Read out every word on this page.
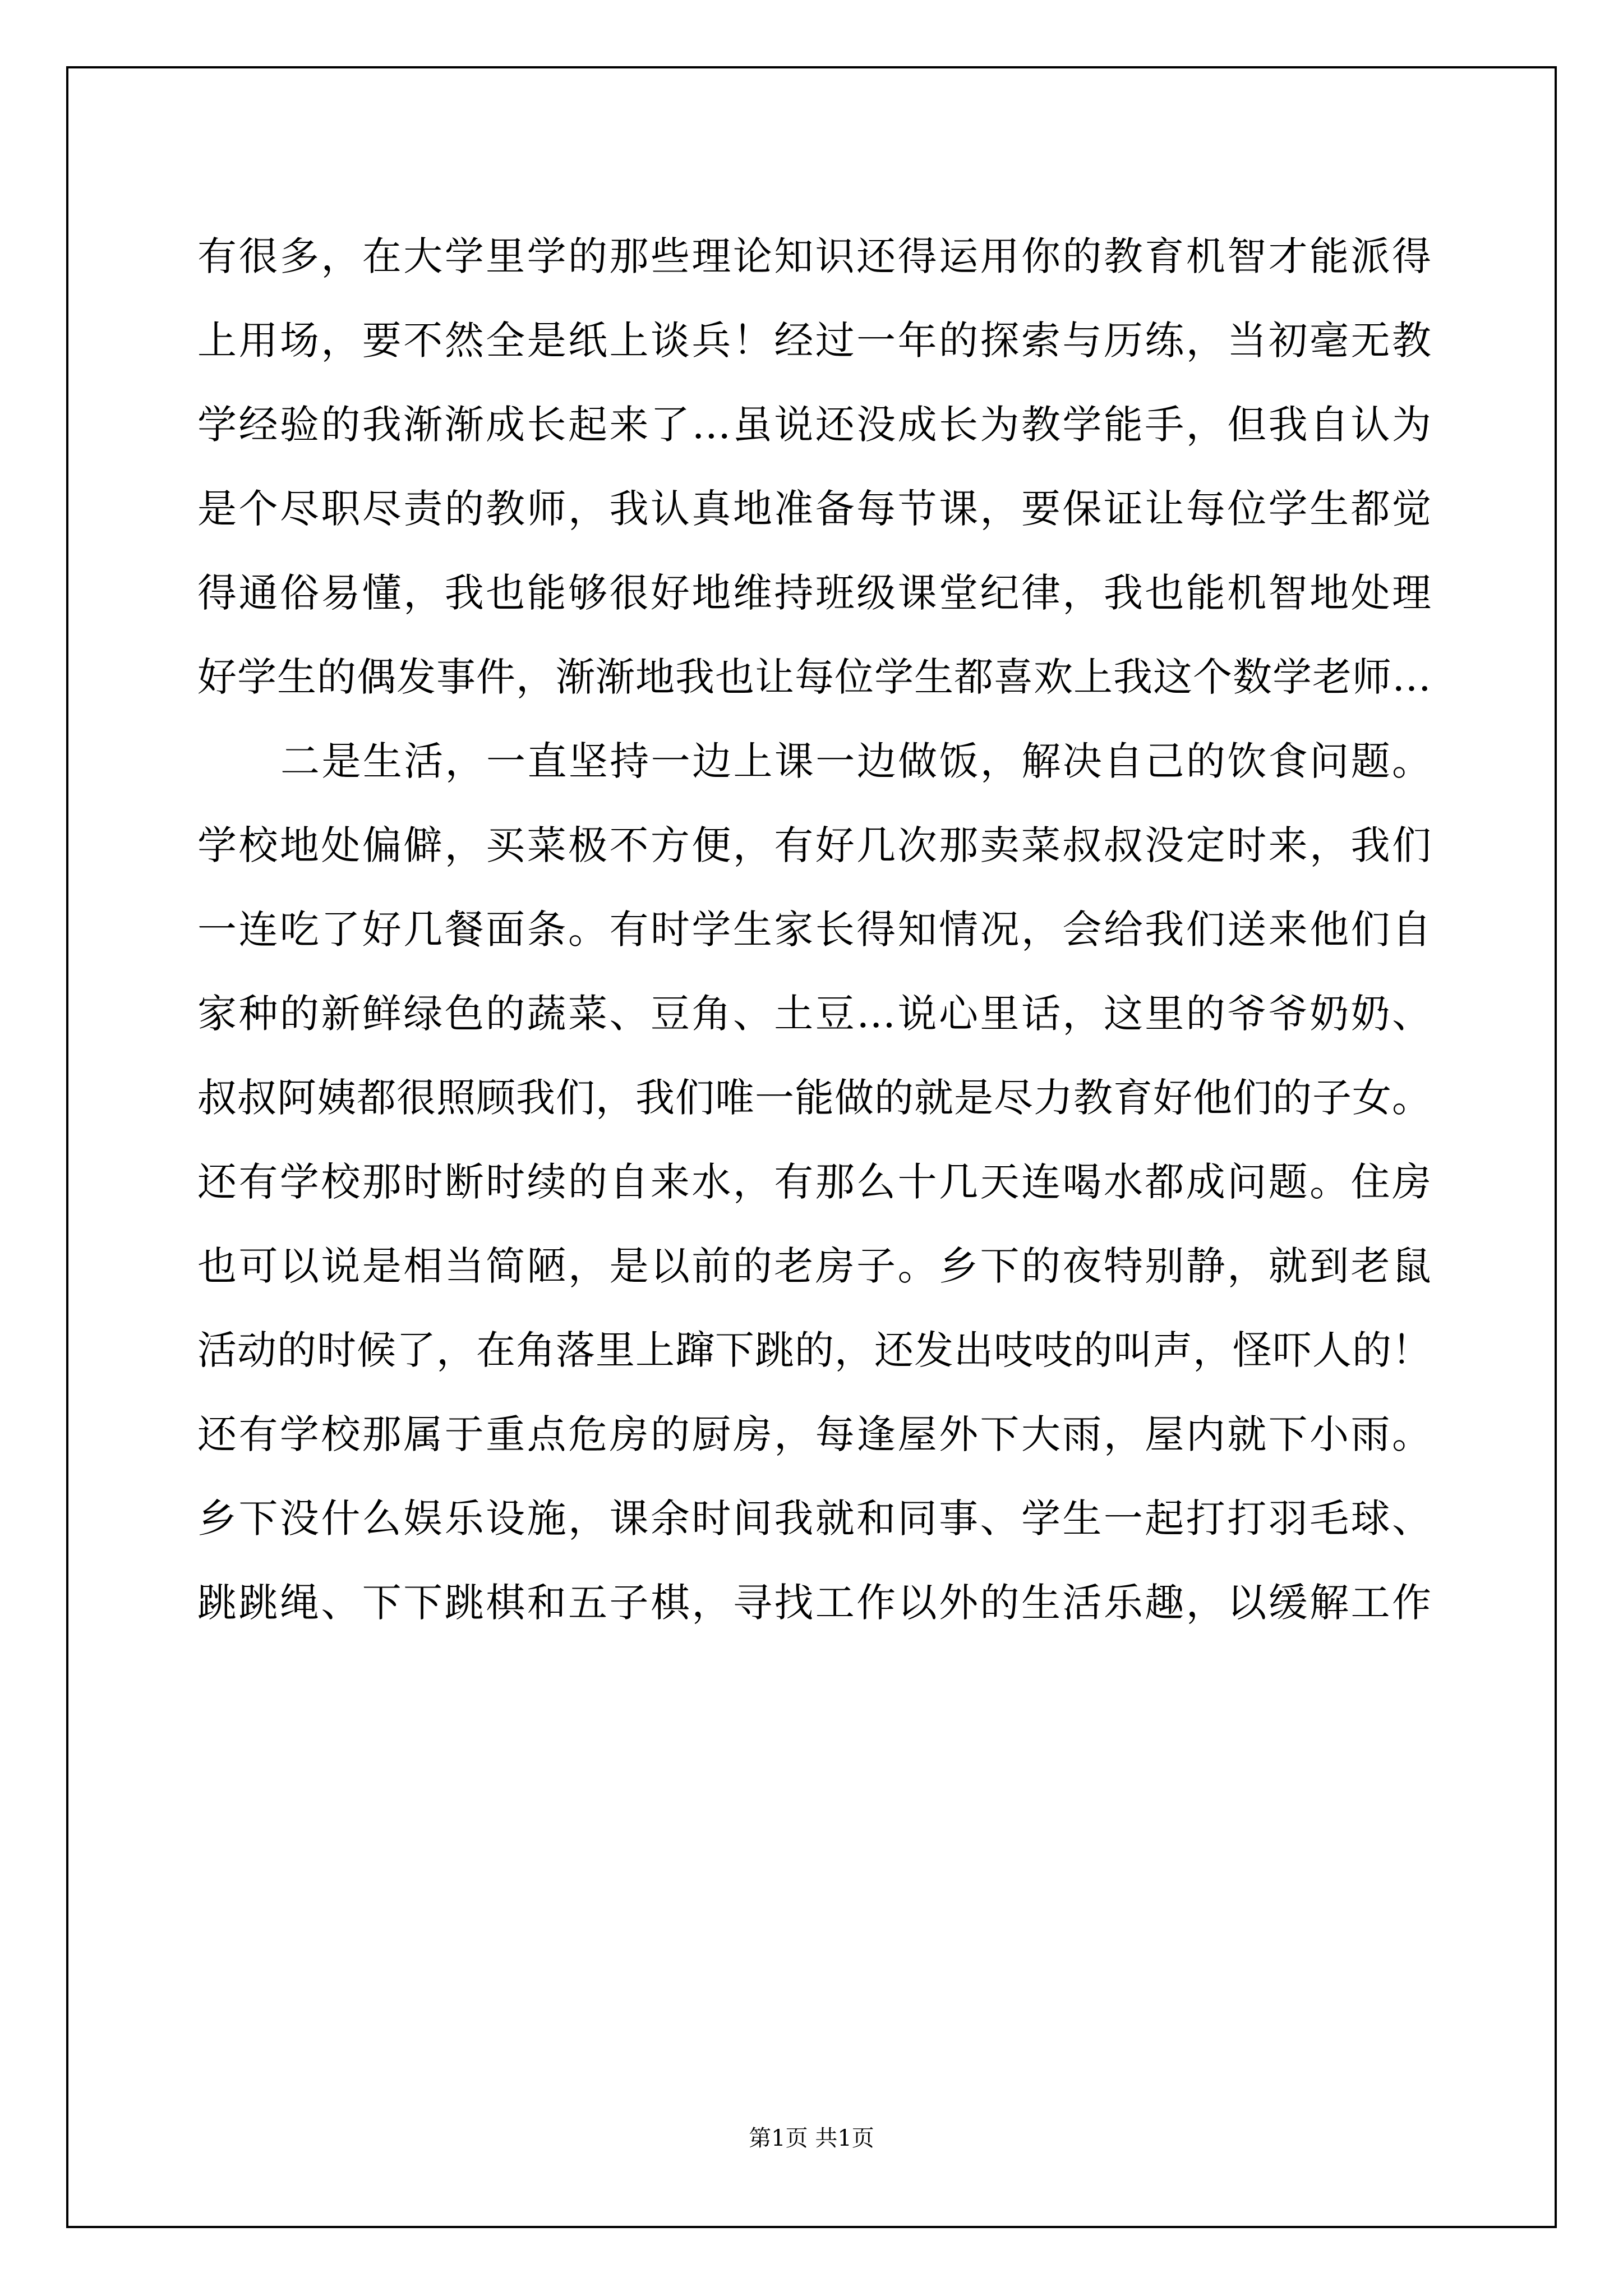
有很多，在大学里学的那些理论知识还得运用你的教育机智才能派得
上用场，要不然全是纸上谈兵！经过一年的探索与历练，当初毫无教
学经验的我渐渐成长起来了…虽说还没成长为教学能手，但我自认为
是个尽职尽责的教师，我认真地准备每节课，要保证让每位学生都觉
得通俗易懂，我也能够很好地维持班级课堂纪律，我也能机智地处理
好学生的偶发事件，渐渐地我也让每位学生都喜欢上我这个数学老师…
二是生活，一直坚持一边上课一边做饭，解决自己的饮食问题。
学校地处偏僻，买菜极不方便，有好几次那卖菜叔叔没定时来，我们
一连吃了好几餐面条。有时学生家长得知情况，会给我们送来他们自
家种的新鲜绿色的蔬菜、豆角、土豆…说心里话，这里的爷爷奶奶、
叔叔阿姨都很照顾我们，我们唯一能做的就是尽力教育好他们的子女。
还有学校那时断时续的自来水，有那么十几天连喝水都成问题。住房
也可以说是相当简陋，是以前的老房子。乡下的夜特别静，就到老鼠
活动的时候了，在角落里上蹿下跳的，还发出吱吱的叫声，怪吓人的！
还有学校那属于重点危房的厨房，每逢屋外下大雨，屋内就下小雨。
乡下没什么娱乐设施，课余时间我就和同事、学生一起打打羽毛球、
跳跳绳、下下跳棋和五子棋，寻找工作以外的生活乐趣，以缓解工作
第1页 共1页
